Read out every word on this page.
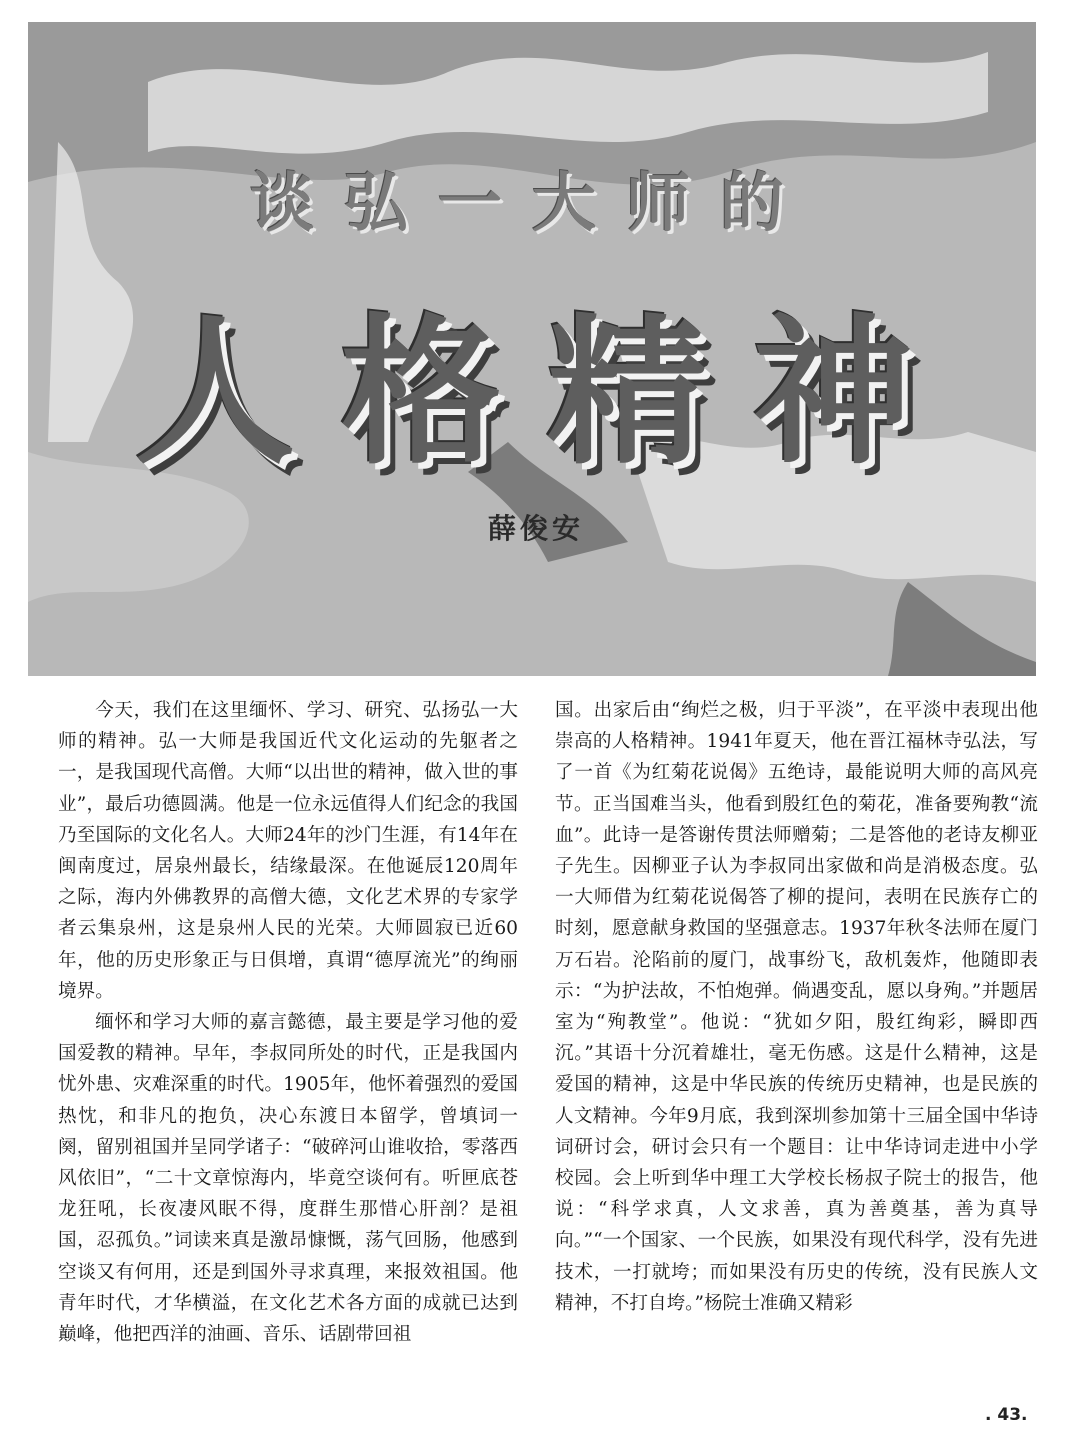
谈弘一大师的
人格精神
薛俊安

今天，我们在这里缅怀、学习、研究、弘扬弘一大师的精神。弘一大师是我国近代文化运动的先躯者之一，是我国现代高僧。大师“以出世的精神，做入世的事业”，最后功德圆满。他是一位永远值得人们纪念的我国乃至国际的文化名人。大师24年的沙门生涯，有14年在闽南度过，居泉州最长，结缘最深。在他诞辰120周年之际，海内外佛教界的高僧大德，文化艺术界的专家学者云集泉州，这是泉州人民的光荣。大师圆寂已近60年，他的历史形象正与日俱增，真谓“德厚流光”的绚丽境界。

缅怀和学习大师的嘉言懿德，最主要是学习他的爱国爱教的精神。早年，李叔同所处的时代，正是我国内忧外患、灾难深重的时代。1905年，他怀着强烈的爱国热忱，和非凡的抱负，决心东渡日本留学，曾填词一阕，留别祖国并呈同学诸子：“破碎河山谁收拾，零落西风依旧”，“二十文章惊海内，毕竟空谈何有。听匣底苍龙狂吼，长夜凄风眠不得，度群生那惜心肝剖？是祖国，忍孤负。”词读来真是激昂慷慨，荡气回肠，他感到空谈又有何用，还是到国外寻求真理，来报效祖国。他青年时代，才华横溢，在文化艺术各方面的成就已达到巅峰，他把西洋的油画、音乐、话剧带回祖

国。出家后由“绚烂之极，归于平淡”，在平淡中表现出他崇高的人格精神。1941年夏天，他在晋江福林寺弘法，写了一首《为红菊花说偈》五绝诗，最能说明大师的高风亮节。正当国难当头，他看到殷红色的菊花，准备要殉教“流血”。此诗一是答谢传贯法师赠菊；二是答他的老诗友柳亚子先生。因柳亚子认为李叔同出家做和尚是消极态度。弘一大师借为红菊花说偈答了柳的提问，表明在民族存亡的时刻，愿意献身救国的坚强意志。1937年秋冬法师在厦门万石岩。沦陷前的厦门，战事纷飞，敌机轰炸，他随即表示：“为护法故，不怕炮弹。倘遇变乱，愿以身殉。”并题居室为“殉教堂”。他说：“犹如夕阳，殷红绚彩，瞬即西沉。”其语十分沉着雄壮，毫无伤感。这是什么精神，这是爱国的精神，这是中华民族的传统历史精神，也是民族的人文精神。今年9月底，我到深圳参加第十三届全国中华诗词研讨会，研讨会只有一个题目：让中华诗词走进中小学校园。会上听到华中理工大学校长杨叔子院士的报告，他说：“科学求真，人文求善，真为善奠基，善为真导向。”“一个国家、一个民族，如果没有现代科学，没有先进技术，一打就垮；而如果没有历史的传统，没有民族人文精神，不打自垮。”杨院士准确又精彩

. 43.
